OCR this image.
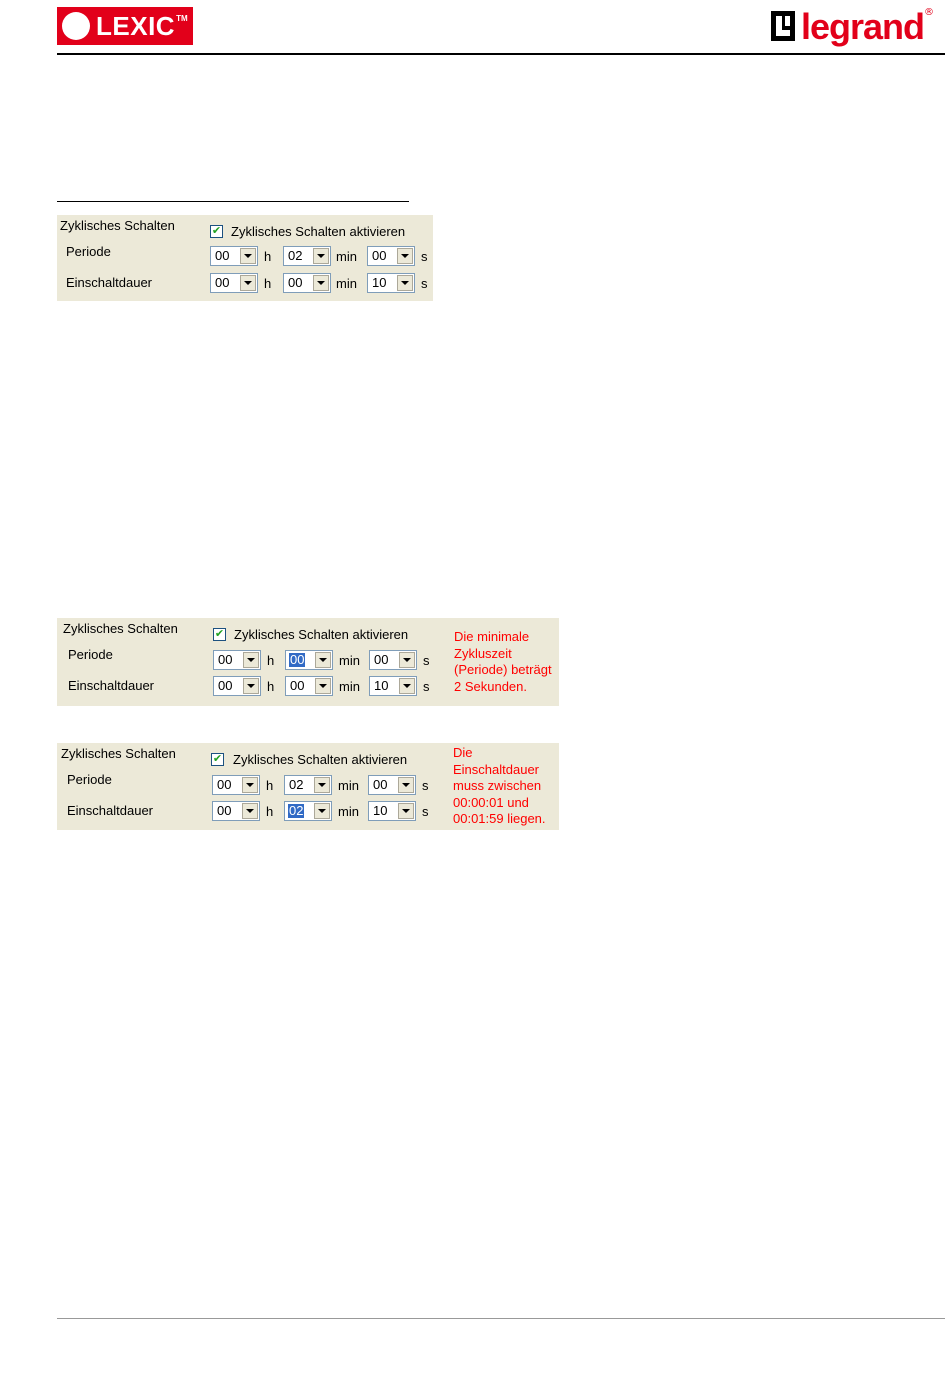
LEXIC TM	legrand ®
Zyklisches Schalten	✔ Zyklisches Schalten aktivieren
Periode	00	h 02	min 00	s
Einschaltdauer	00	h 00	min 10	s
Zyklisches Schalten	✔ Zyklisches Schalten aktivieren
Periode	00	h 00	min 00	s
Einschaltdauer	00	h 00	min 10	s
Die minimale
Zykluszeit
(Periode) beträgt
2 Sekunden.
Zyklisches Schalten	✔ Zyklisches Schalten aktivieren
Periode	00	h 02	min 00	s
Einschaltdauer	00	h 02	min 10	s
Die
Einschaltdauer
muss zwischen
00:00:01 und
00:01:59 liegen.
